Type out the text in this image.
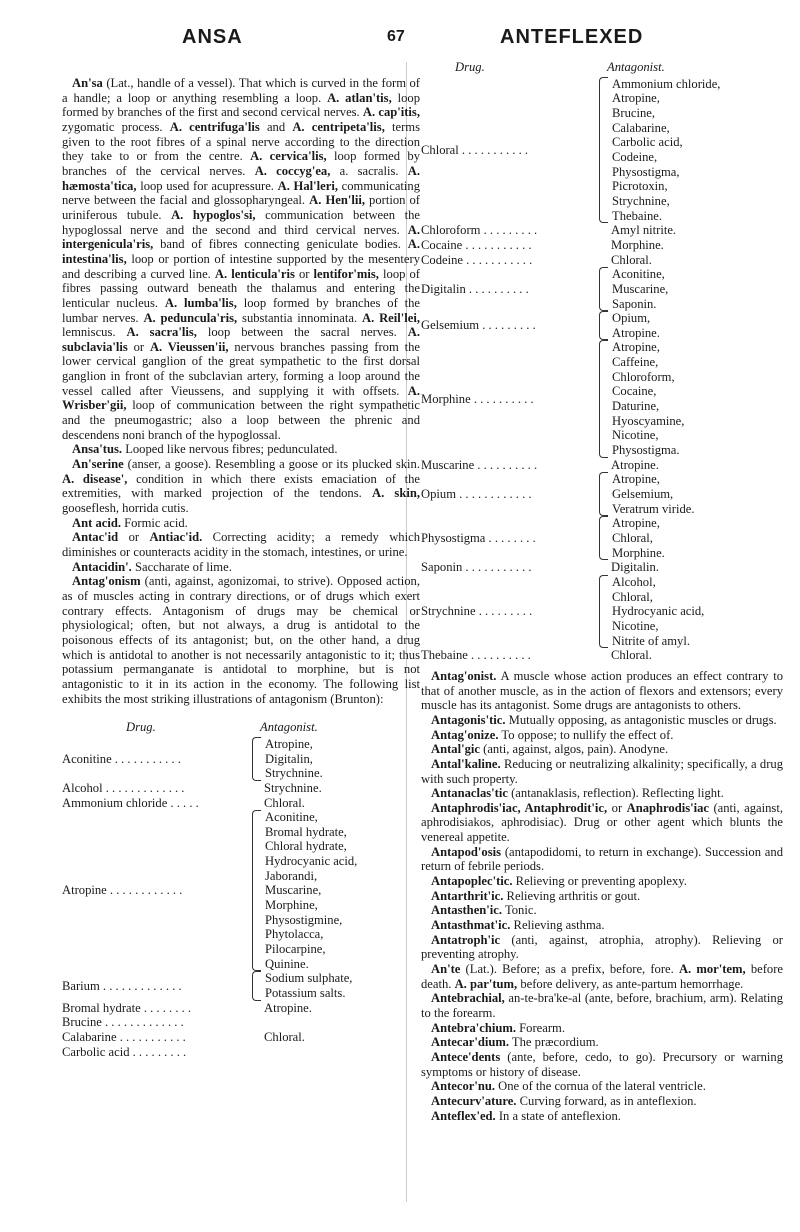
ANSA	67	ANTEFLEXED

An'sa (Lat., handle of a vessel). That which is curved in the form of a handle; a loop or anything resembling a loop. A. atlan'tis, loop formed by branches of the first and second cervical nerves. A. cap'itis, zygomatic process. A. centrifuga'lis and A. centripeta'lis, terms given to the root fibres of a spinal nerve according to the direction they take to or from the centre. A. cervica'lis, loop formed by branches of the cervical nerves. A. coccyg'ea, a. sacralis. A. hæmosta'tica, loop used for acupressure. A. Hal'leri, communicating nerve between the facial and glossopharyngeal. A. Hen'lii, portion of uriniferous tubule. A. hypoglos'si, communication between the hypoglossal nerve and the second and third cervical nerves. A. intergenicula'ris, band of fibres connecting geniculate bodies. A. intestina'lis, loop or portion of intestine supported by the mesentery and describing a curved line. A. lenticula'ris or lentifor'mis, loop of fibres passing outward beneath the thalamus and entering the lenticular nucleus. A. lumba'lis, loop formed by branches of the lumbar nerves. A. peduncula'ris, substantia innominata. A. Reil'lei, lemniscus. A. sacra'lis, loop between the sacral nerves. A. subclavia'lis or A. Vieussen'ii, nervous branches passing from the lower cervical ganglion of the great sympathetic to the first dorsal ganglion in front of the subclavian artery, forming a loop around the vessel called after Vieussens, and supplying it with offsets. A. Wrisber'gii, loop of communication between the right sympathetic and the pneumogastric; also a loop between the phrenic and descendens noni branch of the hypoglossal.

Ansa'tus. Looped like nervous fibres; pedunculated.

An'serine (anser, a goose). Resembling a goose or its plucked skin. A. disease', condition in which there exists emaciation of the extremities, with marked projection of the tendons. A. skin, gooseflesh, horrida cutis.

Ant acid. Formic acid.

Antac'id or Antiac'id. Correcting acidity; a remedy which diminishes or counteracts acidity in the stomach, intestines, or urine.

Antacidin'. Saccharate of lime.

Antag'onism (anti, against, agonizomai, to strive). Opposed action, as of muscles acting in contrary directions, or of drugs which exert contrary effects. Antagonism of drugs may be chemical or physiological; often, but not always, a drug is antidotal to the poisonous effects of its antagonist; but, on the other hand, a drug which is antidotal to another is not necessarily antagonistic to it; thus potassium permanganate is antidotal to morphine, but is not antagonistic to it in its action in the economy. The following list exhibits the most striking illustrations of antagonism (Brunton):

Drug.	Antagonist.
Aconitine . . . . . . . . . . .
Atropine,
Digitalin,
Strychnine.
Alcohol . . . . . . . . . . . . .	Strychnine.
Ammonium chloride . . . . .	Chloral.
Atropine . . . . . . . . . . . .
Aconitine,
Bromal hydrate,
Chloral hydrate,
Hydrocyanic acid,
Jaborandi,
Muscarine,
Morphine,
Physostigmine,
Phytolacca,
Pilocarpine,
Quinine.
Barium . . . . . . . . . . . . .
Sodium sulphate,
Potassium salts.
Bromal hydrate . . . . . . . .	Atropine.
Brucine . . . . . . . . . . . . .
Calabarine . . . . . . . . . . .	Chloral.
Carbolic acid . . . . . . . . .
Drug.	Antagonist.
Chloral . . . . . . . . . . .
Ammonium chloride,
Atropine,
Brucine,
Calabarine,
Carbolic acid,
Codeine,
Physostigma,
Picrotoxin,
Strychnine,
Thebaine.
Chloroform . . . . . . . . .	Amyl nitrite.
Cocaine . . . . . . . . . . .	Morphine.
Codeine . . . . . . . . . . .	Chloral.
Digitalin . . . . . . . . . .
Aconitine,
Muscarine,
Saponin.
Gelsemium . . . . . . . . .
Opium,
Atropine.
Morphine . . . . . . . . . .
Atropine,
Caffeine,
Chloroform,
Cocaine,
Daturine,
Hyoscyamine,
Nicotine,
Physostigma.
Muscarine . . . . . . . . . .	Atropine.
Opium . . . . . . . . . . . .
Atropine,
Gelsemium,
Veratrum viride.
Physostigma . . . . . . . .
Atropine,
Chloral,
Morphine.
Saponin . . . . . . . . . . .	Digitalin.
Strychnine . . . . . . . . .
Alcohol,
Chloral,
Hydrocyanic acid,
Nicotine,
Nitrite of amyl.
Thebaine . . . . . . . . . .	Chloral.

Antag'onist. A muscle whose action produces an effect contrary to that of another muscle, as in the action of flexors and extensors; every muscle has its antagonist. Some drugs are antagonists to others.

Antagonis'tic. Mutually opposing, as antagonistic muscles or drugs.

Antag'onize. To oppose; to nullify the effect of.

Antal'gic (anti, against, algos, pain). Anodyne.

Antal'kaline. Reducing or neutralizing alkalinity; specifically, a drug with such property.

Antanaclas'tic (antanaklasis, reflection). Reflecting light.

Antaphrodis'iac, Antaphrodit'ic, or Anaphrodis'iac (anti, against, aphrodisiakos, aphrodisiac). Drug or other agent which blunts the venereal appetite.

Antapod'osis (antapodidomi, to return in exchange). Succession and return of febrile periods.

Antapoplec'tic. Relieving or preventing apoplexy.

Antarthrit'ic. Relieving arthritis or gout.

Antasthen'ic. Tonic.

Antasthmat'ic. Relieving asthma.

Antatroph'ic (anti, against, atrophia, atrophy). Relieving or preventing atrophy.

An'te (Lat.). Before; as a prefix, before, fore. A. mor'tem, before death. A. par'tum, before delivery, as ante-partum hemorrhage.

Antebrachial, an-te-bra'ke-al (ante, before, brachium, arm). Relating to the forearm.

Antebra'chium. Forearm.

Antecar'dium. The præcordium.

Antece'dents (ante, before, cedo, to go). Precursory or warning symptoms or history of disease.

Antecor'nu. One of the cornua of the lateral ventricle.

Antecurv'ature. Curving forward, as in anteflexion.

Anteflex'ed. In a state of anteflexion.
